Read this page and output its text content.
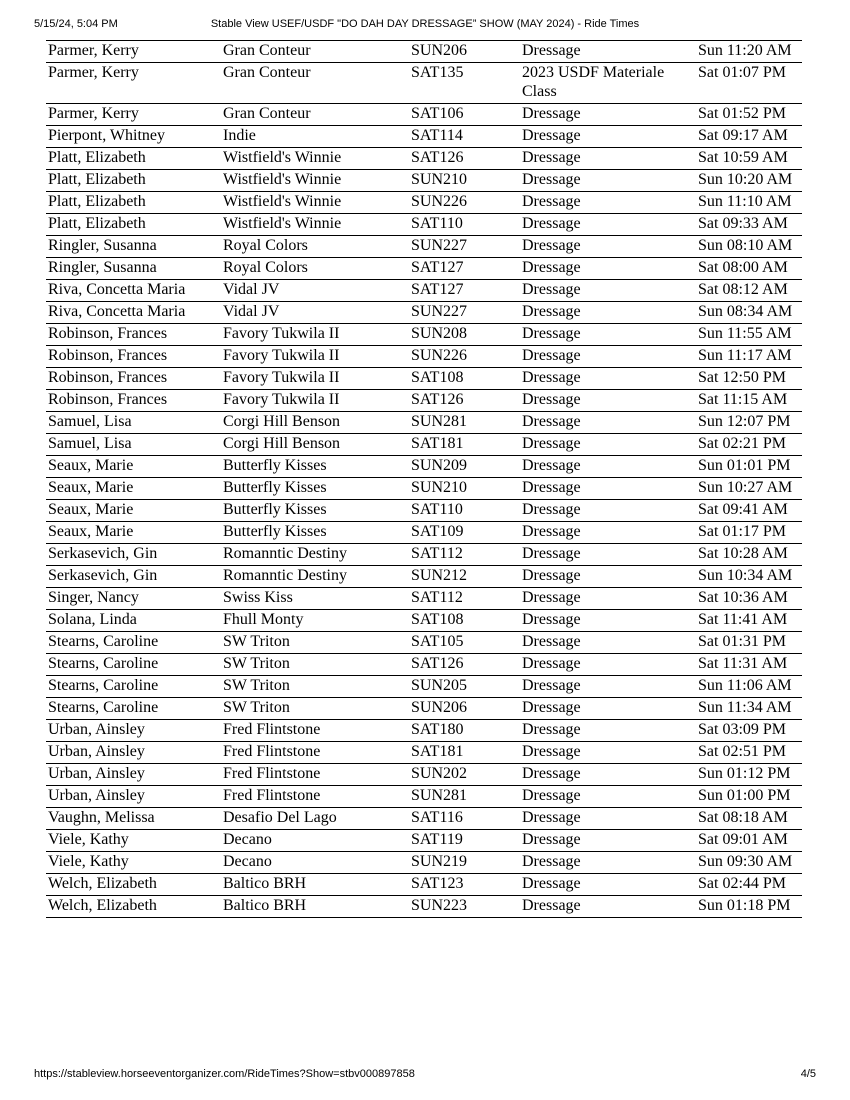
5/15/24, 5:04 PM	Stable View USEF/USDF "DO DAH DAY DRESSAGE” SHOW (MAY 2024) - Ride Times
Parmer, Kerry	Gran Conteur	SUN206	Dressage	Sun 11:20 AM
Parmer, Kerry	Gran Conteur	SAT135	2023 USDF Materiale Class	Sat 01:07 PM
Parmer, Kerry	Gran Conteur	SAT106	Dressage	Sat 01:52 PM
Pierpont, Whitney	Indie	SAT114	Dressage	Sat 09:17 AM
Platt, Elizabeth	Wistfield's Winnie	SAT126	Dressage	Sat 10:59 AM
Platt, Elizabeth	Wistfield's Winnie	SUN210	Dressage	Sun 10:20 AM
Platt, Elizabeth	Wistfield's Winnie	SUN226	Dressage	Sun 11:10 AM
Platt, Elizabeth	Wistfield's Winnie	SAT110	Dressage	Sat 09:33 AM
Ringler, Susanna	Royal Colors	SUN227	Dressage	Sun 08:10 AM
Ringler, Susanna	Royal Colors	SAT127	Dressage	Sat 08:00 AM
Riva, Concetta Maria	Vidal JV	SAT127	Dressage	Sat 08:12 AM
Riva, Concetta Maria	Vidal JV	SUN227	Dressage	Sun 08:34 AM
Robinson, Frances	Favory Tukwila II	SUN208	Dressage	Sun 11:55 AM
Robinson, Frances	Favory Tukwila II	SUN226	Dressage	Sun 11:17 AM
Robinson, Frances	Favory Tukwila II	SAT108	Dressage	Sat 12:50 PM
Robinson, Frances	Favory Tukwila II	SAT126	Dressage	Sat 11:15 AM
Samuel, Lisa	Corgi Hill Benson	SUN281	Dressage	Sun 12:07 PM
Samuel, Lisa	Corgi Hill Benson	SAT181	Dressage	Sat 02:21 PM
Seaux, Marie	Butterfly Kisses	SUN209	Dressage	Sun 01:01 PM
Seaux, Marie	Butterfly Kisses	SUN210	Dressage	Sun 10:27 AM
Seaux, Marie	Butterfly Kisses	SAT110	Dressage	Sat 09:41 AM
Seaux, Marie	Butterfly Kisses	SAT109	Dressage	Sat 01:17 PM
Serkasevich, Gin	Romanntic Destiny	SAT112	Dressage	Sat 10:28 AM
Serkasevich, Gin	Romanntic Destiny	SUN212	Dressage	Sun 10:34 AM
Singer, Nancy	Swiss Kiss	SAT112	Dressage	Sat 10:36 AM
Solana, Linda	Fhull Monty	SAT108	Dressage	Sat 11:41 AM
Stearns, Caroline	SW Triton	SAT105	Dressage	Sat 01:31 PM
Stearns, Caroline	SW Triton	SAT126	Dressage	Sat 11:31 AM
Stearns, Caroline	SW Triton	SUN205	Dressage	Sun 11:06 AM
Stearns, Caroline	SW Triton	SUN206	Dressage	Sun 11:34 AM
Urban, Ainsley	Fred Flintstone	SAT180	Dressage	Sat 03:09 PM
Urban, Ainsley	Fred Flintstone	SAT181	Dressage	Sat 02:51 PM
Urban, Ainsley	Fred Flintstone	SUN202	Dressage	Sun 01:12 PM
Urban, Ainsley	Fred Flintstone	SUN281	Dressage	Sun 01:00 PM
Vaughn, Melissa	Desafio Del Lago	SAT116	Dressage	Sat 08:18 AM
Viele, Kathy	Decano	SAT119	Dressage	Sat 09:01 AM
Viele, Kathy	Decano	SUN219	Dressage	Sun 09:30 AM
Welch, Elizabeth	Baltico BRH	SAT123	Dressage	Sat 02:44 PM
Welch, Elizabeth	Baltico BRH	SUN223	Dressage	Sun 01:18 PM
https://stableview.horseeventorganizer.com/RideTimes?Show=stbv000897858	4/5
